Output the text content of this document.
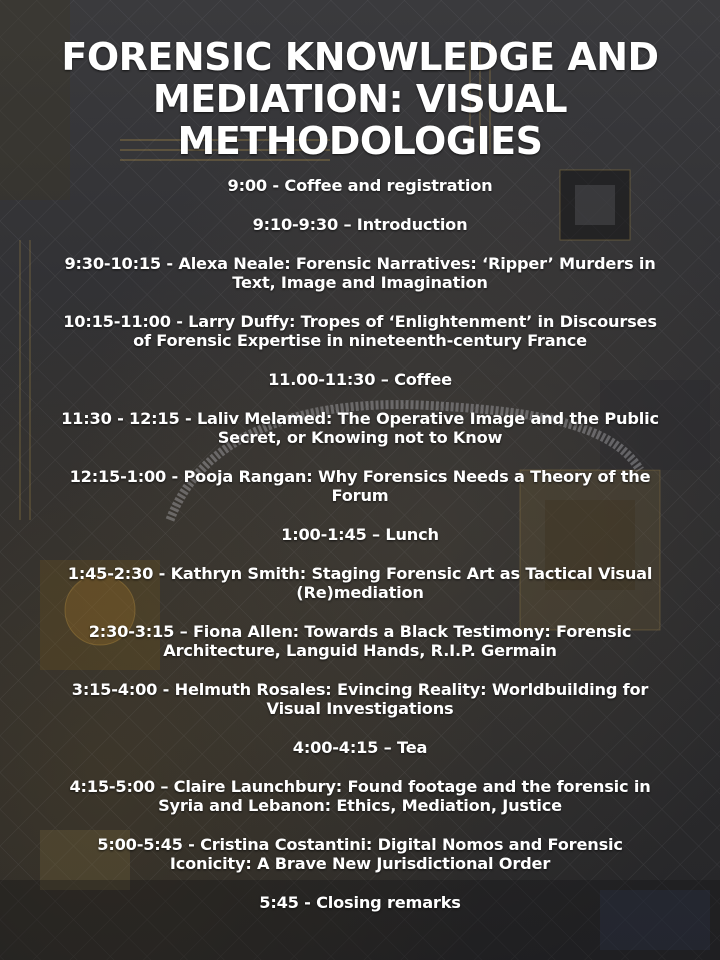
FORENSIC KNOWLEDGE AND
MEDIATION: VISUAL
METHODOLOGIES
9:00 - Coffee and registration
9:10-9:30 – Introduction
9:30-10:15 - Alexa Neale: Forensic Narratives: ‘Ripper’ Murders in
Text, Image and Imagination
10:15-11:00 - Larry Duffy: Tropes of ‘Enlightenment’ in Discourses
of Forensic Expertise in nineteenth-century France
11.00-11:30 – Coffee
11:30 - 12:15 - Laliv Melamed: The Operative Image and the Public
Secret, or Knowing not to Know
12:15-1:00 - Pooja Rangan: Why Forensics Needs a Theory of the
Forum
1:00-1:45 – Lunch
1:45-2:30 - Kathryn Smith: Staging Forensic Art as Tactical Visual
(Re)mediation
2:30-3:15 – Fiona Allen: Towards a Black Testimony: Forensic
Architecture, Languid Hands, R.I.P. Germain
3:15-4:00 - Helmuth Rosales: Evincing Reality: Worldbuilding for
Visual Investigations
4:00-4:15 – Tea
4:15-5:00 – Claire Launchbury: Found footage and the forensic in
Syria and Lebanon: Ethics, Mediation, Justice
5:00-5:45 - Cristina Costantini: Digital Nomos and Forensic
Iconicity: A Brave New Jurisdictional Order
5:45 - Closing remarks
